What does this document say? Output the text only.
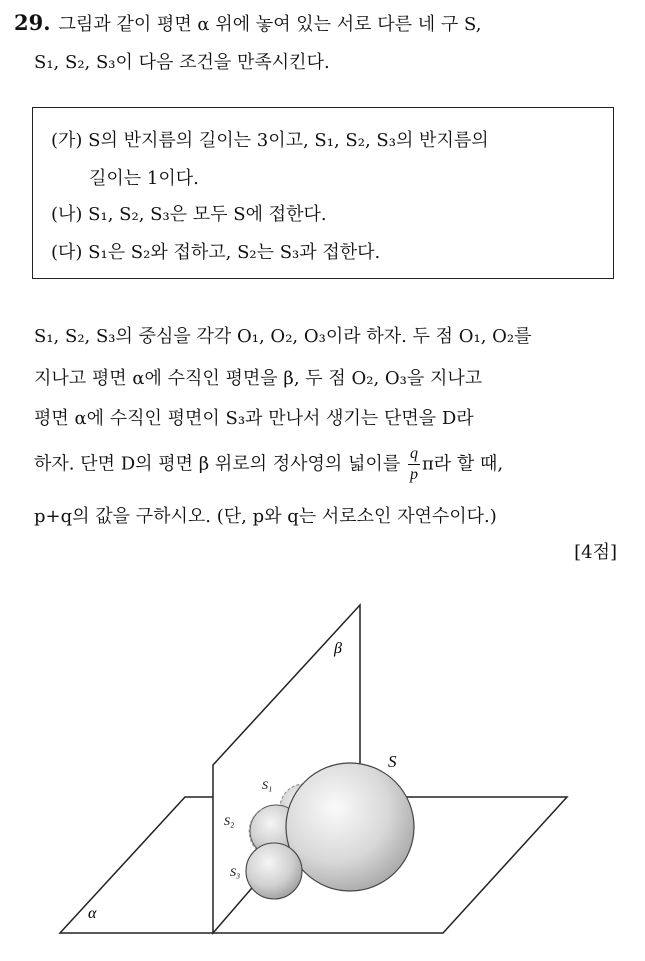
29. 그림과 같이 평면 α 위에 놓여 있는 서로 다른 네 구 S,
S₁, S₂, S₃이 다음 조건을 만족시킨다.
(가) S의 반지름의 길이는 3이고, S₁, S₂, S₃의 반지름의
길이는 1이다.
(나) S₁, S₂, S₃은 모두 S에 접한다.
(다) S₁은 S₂와 접하고, S₂는 S₃과 접한다.
S₁, S₂, S₃의 중심을 각각 O₁, O₂, O₃이라 하자. 두 점 O₁, O₂를
지나고 평면 α에 수직인 평면을 β, 두 점 O₂, O₃을 지나고
평면 α에 수직인 평면이 S₃과 만나서 생기는 단면을 D라
하자. 단면 D의 평면 β 위로의 정사영의 넓이를 $\frac{q}{p}$ π라 할 때,
p+q의 값을 구하시오. (단, p와 q는 서로소인 자연수이다.)
[4점]
α
β
S
S₁
S₂
S₃
